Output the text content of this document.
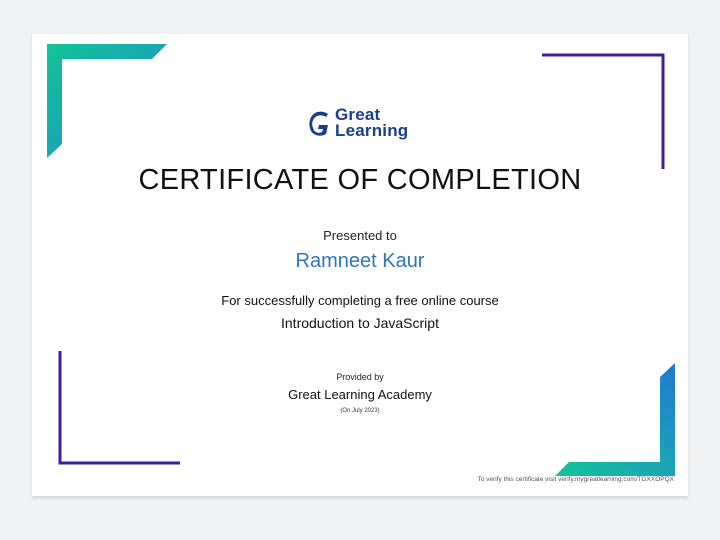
Great
Learning
CERTIFICATE OF COMPLETION
Presented to
Ramneet Kaur
For successfully completing a free online course
Introduction to JavaScript
Provided by
Great Learning Academy
(On July 2023)
To verify this certificate visit verify.mygreatlearning.com/TGXXOPQX
